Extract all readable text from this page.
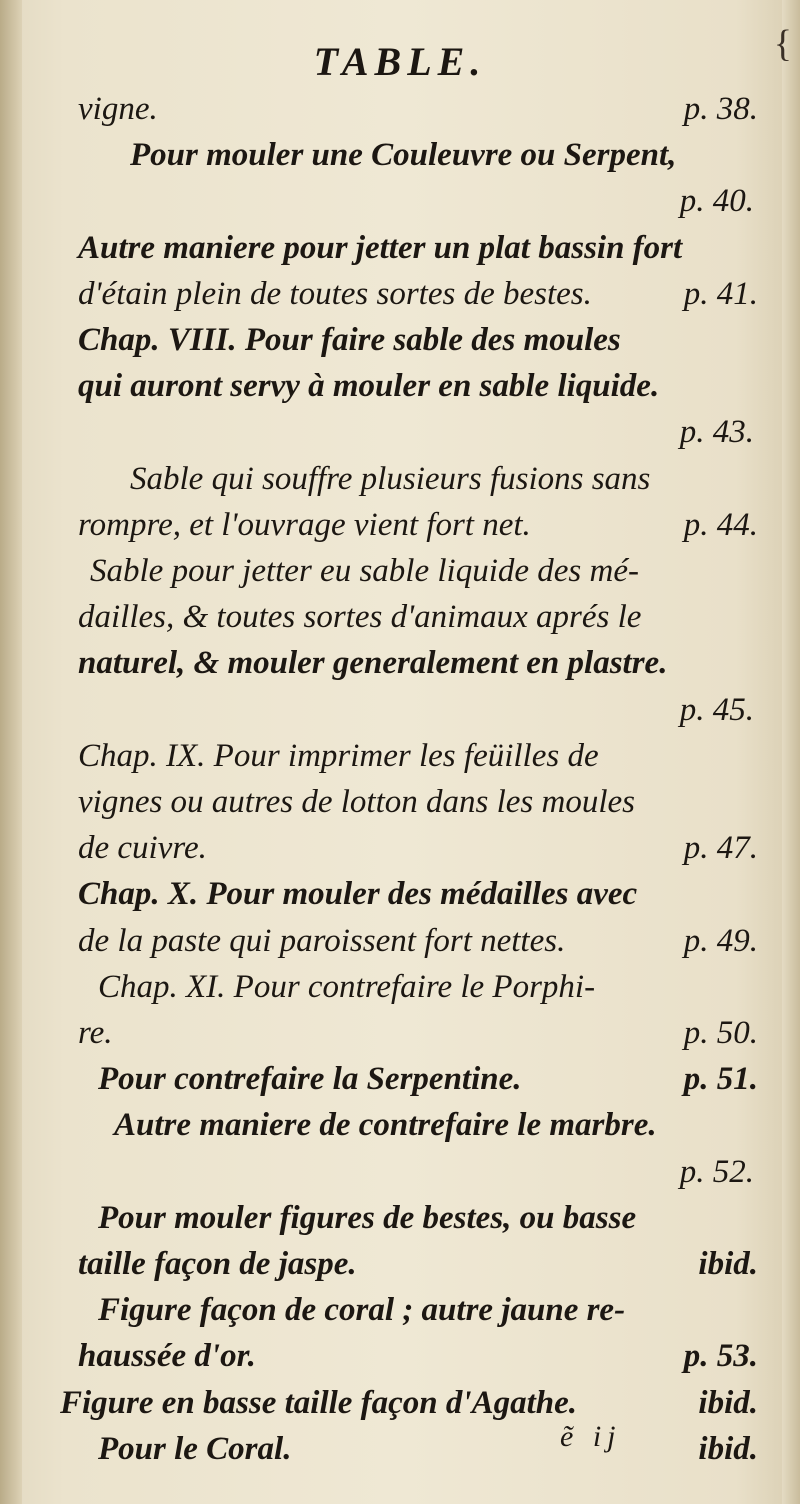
TABLE.	{
vigne.	p. 38.
Pour mouler une Couleuvre ou Serpent,
p. 40.
Autre maniere pour jetter un plat bassin fort
d'étain plein de toutes sortes de bestes.	p. 41.
Chap. VIII. Pour faire sable des moules
qui auront servy à mouler en sable liquide.
p. 43.
Sable qui souffre plusieurs fusions sans
rompre, et l'ouvrage vient fort net.	p. 44.
Sable pour jetter eu sable liquide des mé-
dailles, & toutes sortes d'animaux aprés le
naturel, & mouler generalement en plastre.
p. 45.
Chap. IX. Pour imprimer les feüilles de
vignes ou autres de lotton dans les moules
de cuivre.	p. 47.
Chap. X. Pour mouler des médailles avec
de la paste qui paroissent fort nettes.	p. 49.
Chap. XI. Pour contrefaire le Porphi-
re.	p. 50.
Pour contrefaire la Serpentine.	p. 51.
Autre maniere de contrefaire le marbre.
p. 52.
Pour mouler figures de bestes, ou basse
taille façon de jaspe.	ibid.
Figure façon de coral ; autre jaune re-
haussée d'or.	p. 53.
Figure en basse taille façon d'Agathe.	ibid.
Pour le Coral.	ibid.
ẽ ij
